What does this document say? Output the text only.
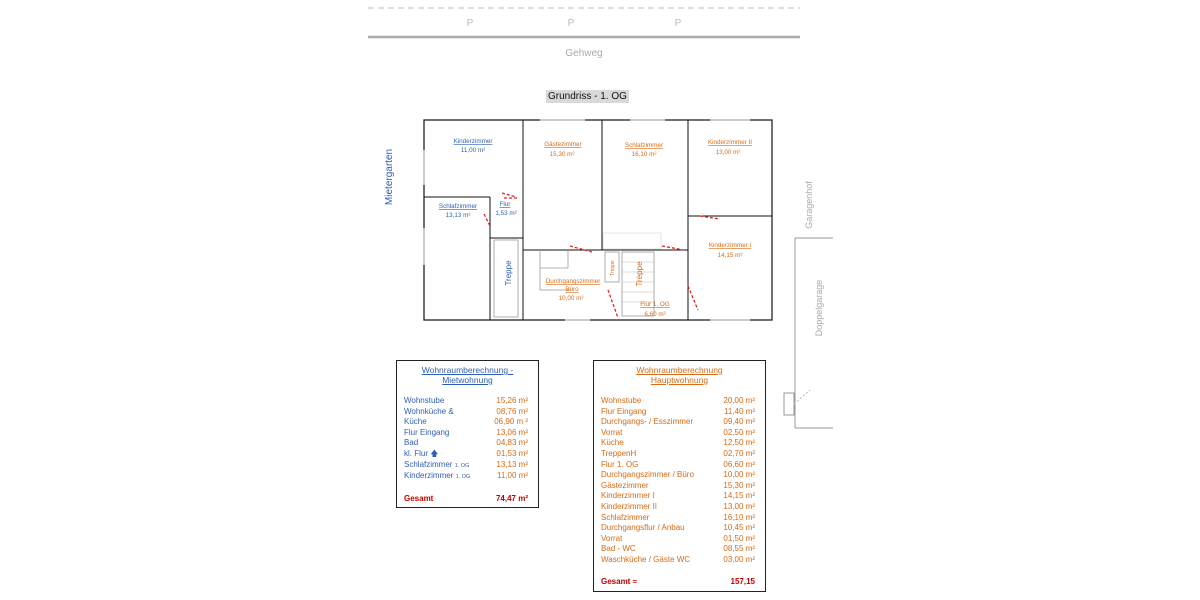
P	P	P
Gehweg
Kinderzimmer
11,00 m²
Schlafzimmer
13,13 m²
Flur
1,53 m²
Gästezimmer
15,30 m²
Durchgangszimmer
Büro
10,00 m²
Schlafzimmer
16,10 m²
Flur 1. OG
6,60 m²
Kinderzimmer II
13,00 m²
Kinderzimmer I
14,15 m²
Treppe	Treppe Treppe
Mietergarten	Garagenhof
Doppelgarage
Grundriss - 1. OG
Wohnraumberechnung -
Mietwohnung
Wohnstube	15,26 m²
Wohnküche &	08,76 m²
Küche	06,90 m ²
Flur Eingang	13,06 m²
Bad	04,83 m²
kl. Flur 🡅	01,53 m²
Schlafzimmer 1. OG	13,13 m²
Kinderzimmer 1. OG	11,00 m²
Gesamt	74,47 m²
Wohnraumberechnung
Hauptwohnung
Wohnstube	20,00 m²
Flur Eingang	11,40 m²
Durchgangs- / Esszimmer	09,40 m²
Vorrat	02,50 m²
Küche	12,50 m²
TreppenH	02,70 m²
Flur 1. OG	06,60 m²
Durchgangszimmer / Büro	10,00 m²
Gästezimmer	15,30 m²
Kinderzimmer I	14,15 m²
Kinderzimmer II	13,00 m²
Schlafzimmer	16,10 m²
Durchgangsflur / Anbau	10,45 m²
Vorrat	01,50 m²
Bad - WC	08,55 m²
Waschküche / Gäste WC	03,00 m²
Gesamt ≈	157,15
